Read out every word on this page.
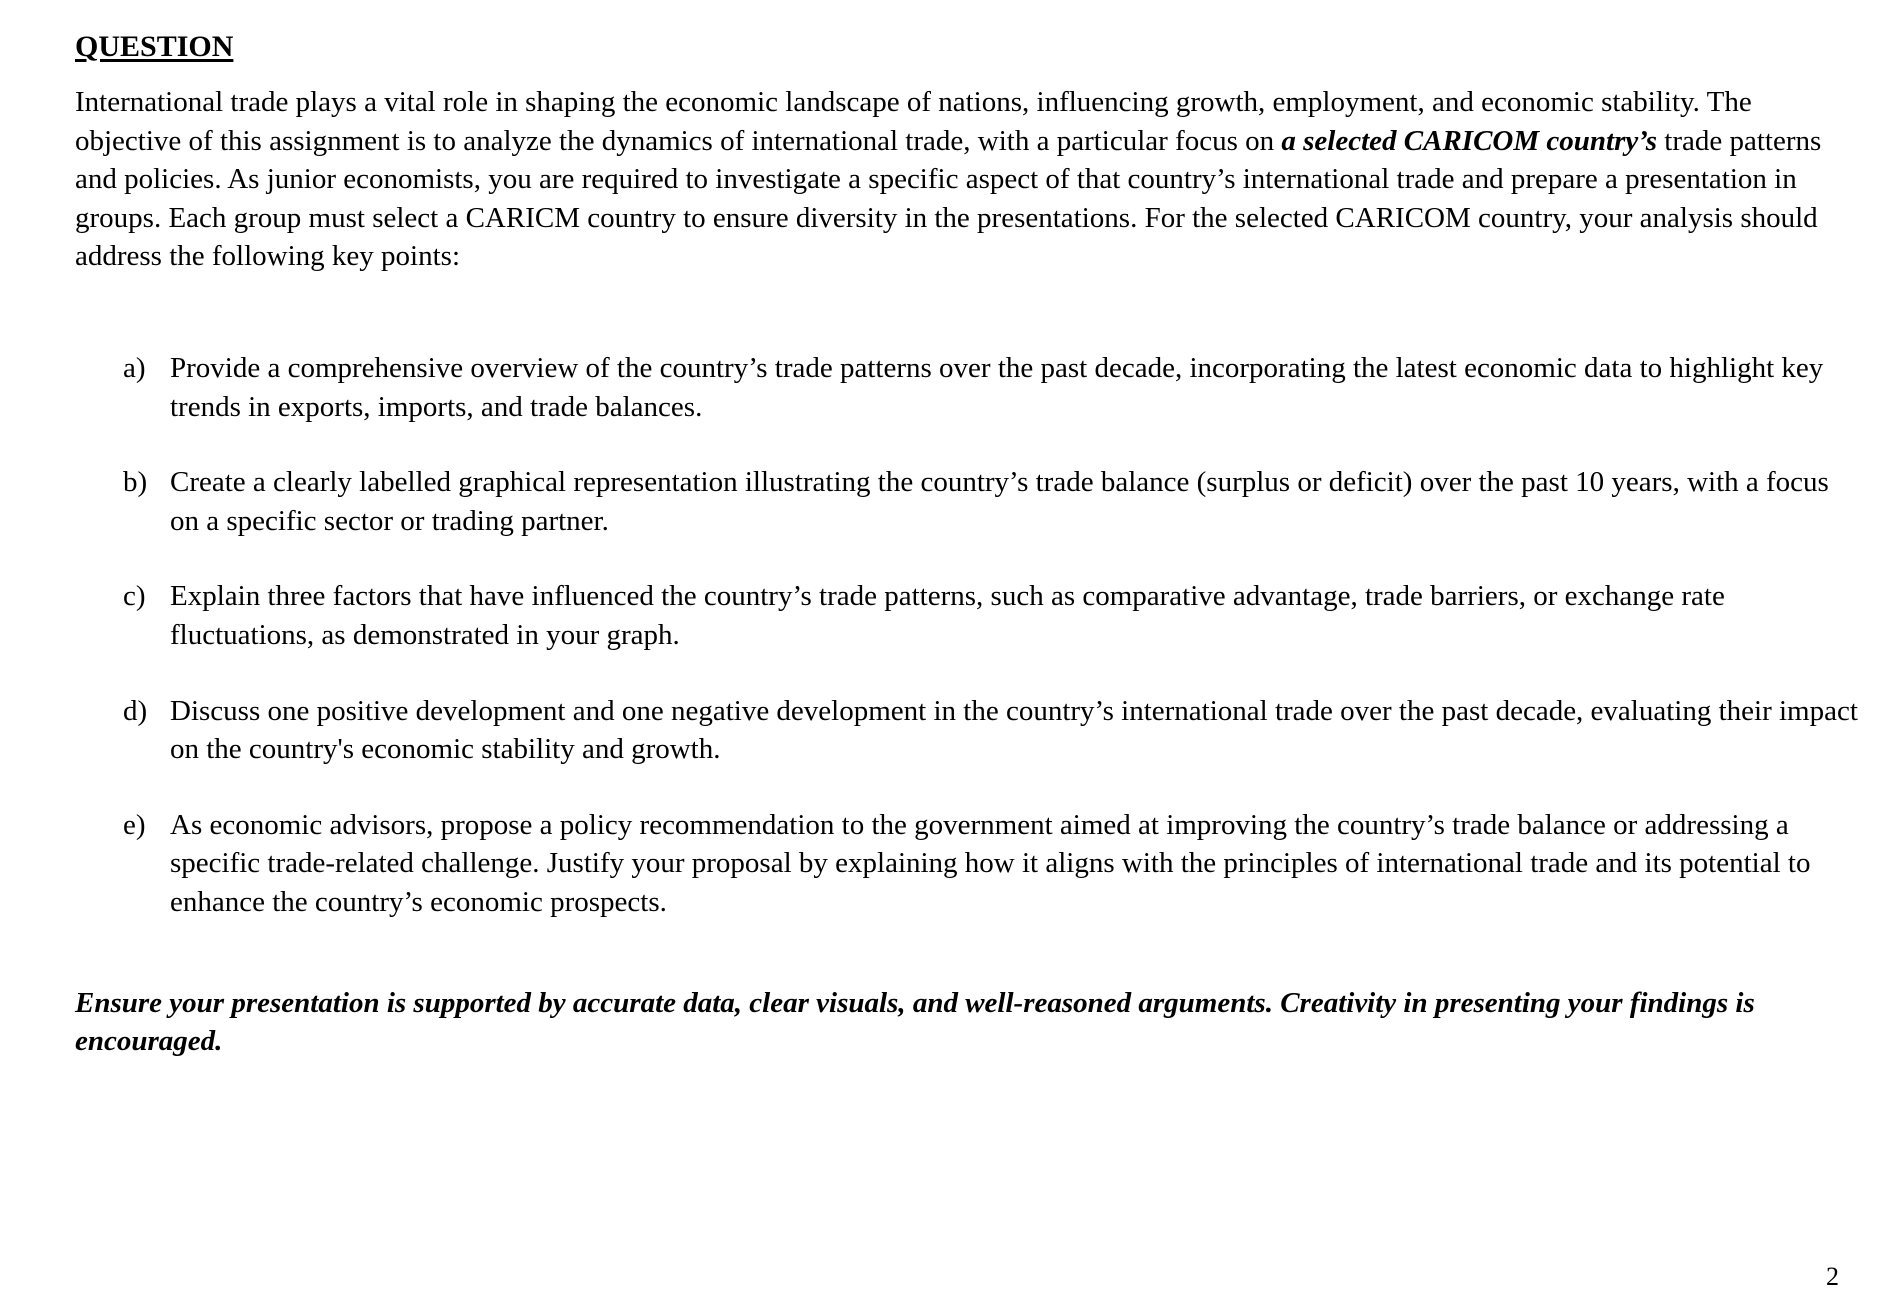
QUESTION

International trade plays a vital role in shaping the economic landscape of nations, influencing growth, employment, and economic stability. The objective of this assignment is to analyze the dynamics of international trade, with a particular focus on a selected CARICOM country’s trade patterns and policies. As junior economists, you are required to investigate a specific aspect of that country’s international trade and prepare a presentation in groups. Each group must select a CARICM country to ensure diversity in the presentations. For the selected CARICOM country, your analysis should address the following key points:

a) Provide a comprehensive overview of the country’s trade patterns over the past decade, incorporating the latest economic data to highlight key trends in exports, imports, and trade balances.
b) Create a clearly labelled graphical representation illustrating the country’s trade balance (surplus or deficit) over the past 10 years, with a focus on a specific sector or trading partner.
c) Explain three factors that have influenced the country’s trade patterns, such as comparative advantage, trade barriers, or exchange rate fluctuations, as demonstrated in your graph.
d) Discuss one positive development and one negative development in the country’s international trade over the past decade, evaluating their impact on the country's economic stability and growth.
e) As economic advisors, propose a policy recommendation to the government aimed at improving the country’s trade balance or addressing a specific trade-related challenge. Justify your proposal by explaining how it aligns with the principles of international trade and its potential to enhance the country’s economic prospects.

Ensure your presentation is supported by accurate data, clear visuals, and well-reasoned arguments. Creativity in presenting your findings is encouraged.

2
